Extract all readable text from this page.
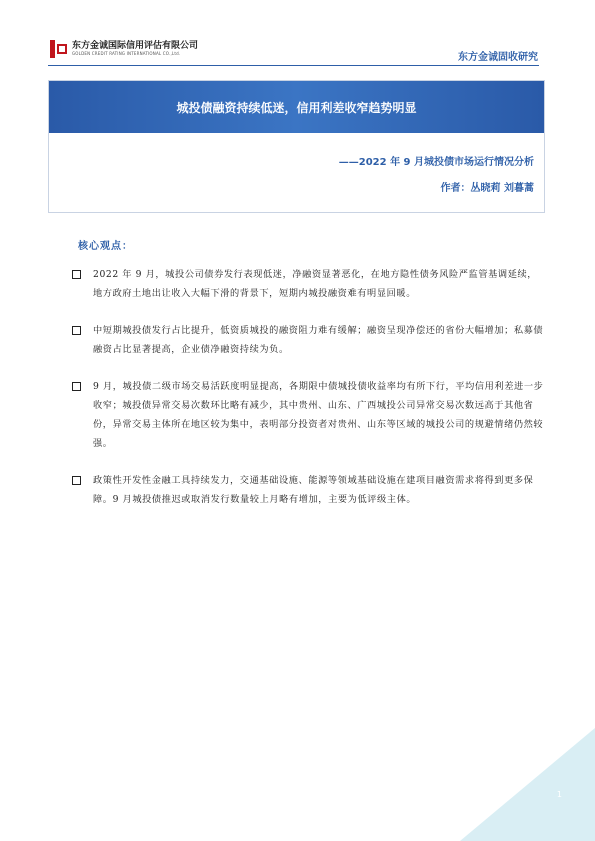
东方金诚国际信用评估有限公司
GOLDEN CREDIT RATING INTERNATIONAL CO.,Ltd.	东方金诚固收研究
城投债融资持续低迷，信用利差收窄趋势明显
——2022 年 9 月城投债市场运行情况分析
作者：丛晓莉 刘暮蒿
核心观点：
2022 年 9 月，城投公司债券发行表现低迷，净融资显著恶化，在地方隐性债务风险严监管基调延续，地方政府土地出让收入大幅下滑的背景下，短期内城投融资难有明显回暖。
中短期城投债发行占比提升，低资质城投的融资阻力难有缓解；融资呈现净偿还的省份大幅增加；私募债融资占比显著提高，企业债净融资持续为负。
9 月，城投债二级市场交易活跃度明显提高，各期限中债城投债收益率均有所下行，平均信用利差进一步收窄；城投债异常交易次数环比略有减少，其中贵州、山东、广西城投公司异常交易次数远高于其他省份，异常交易主体所在地区较为集中，表明部分投资者对贵州、山东等区域的城投公司的规避情绪仍然较强。
政策性开发性金融工具持续发力，交通基础设施、能源等领域基础设施在建项目融资需求将得到更多保障。9 月城投债推迟或取消发行数量较上月略有增加，主要为低评级主体。
1
